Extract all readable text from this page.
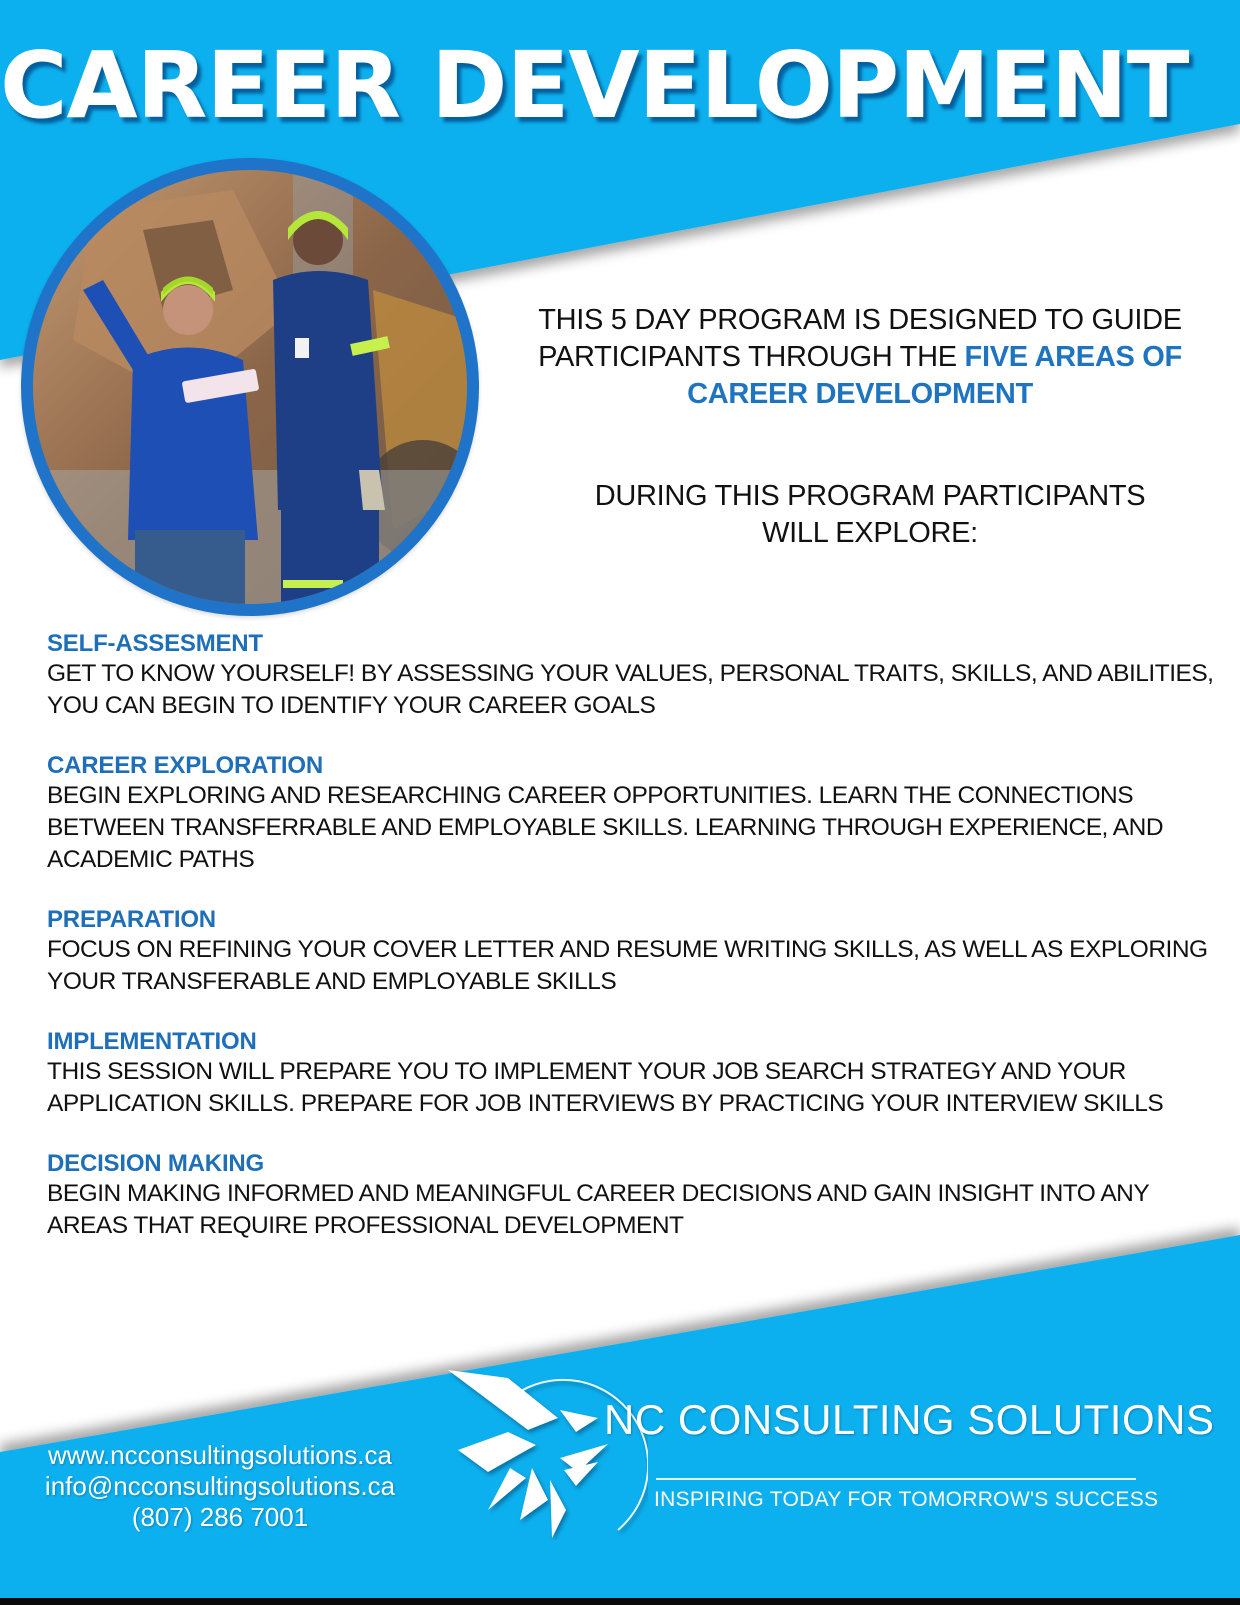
CAREER DEVELOPMENT
THIS 5 DAY PROGRAM IS DESIGNED TO GUIDE PARTICIPANTS THROUGH THE FIVE AREAS OF CAREER DEVELOPMENT
DURING THIS PROGRAM PARTICIPANTS WILL EXPLORE:
SELF-ASSESMENT
GET TO KNOW YOURSELF! BY ASSESSING YOUR VALUES, PERSONAL TRAITS, SKILLS, AND ABILITIES, YOU CAN BEGIN TO IDENTIFY YOUR CAREER GOALS
CAREER EXPLORATION
BEGIN EXPLORING AND RESEARCHING CAREER OPPORTUNITIES. LEARN THE CONNECTIONS BETWEEN TRANSFERRABLE AND EMPLOYABLE SKILLS. LEARNING THROUGH EXPERIENCE, AND ACADEMIC PATHS
PREPARATION
FOCUS ON REFINING YOUR COVER LETTER AND RESUME WRITING SKILLS, AS WELL AS EXPLORING YOUR TRANSFERABLE AND EMPLOYABLE SKILLS
IMPLEMENTATION
THIS SESSION WILL PREPARE YOU TO IMPLEMENT YOUR JOB SEARCH STRATEGY AND YOUR APPLICATION SKILLS. PREPARE FOR JOB INTERVIEWS BY PRACTICING YOUR INTERVIEW SKILLS
DECISION MAKING
BEGIN MAKING INFORMED AND MEANINGFUL CAREER DECISIONS AND GAIN INSIGHT INTO ANY AREAS THAT REQUIRE PROFESSIONAL DEVELOPMENT
www.ncconsultingsolutions.ca
info@ncconsultingsolutions.ca
(807) 286 7001
NC CONSULTING SOLUTIONS
INSPIRING TODAY FOR TOMORROW'S SUCCESS
